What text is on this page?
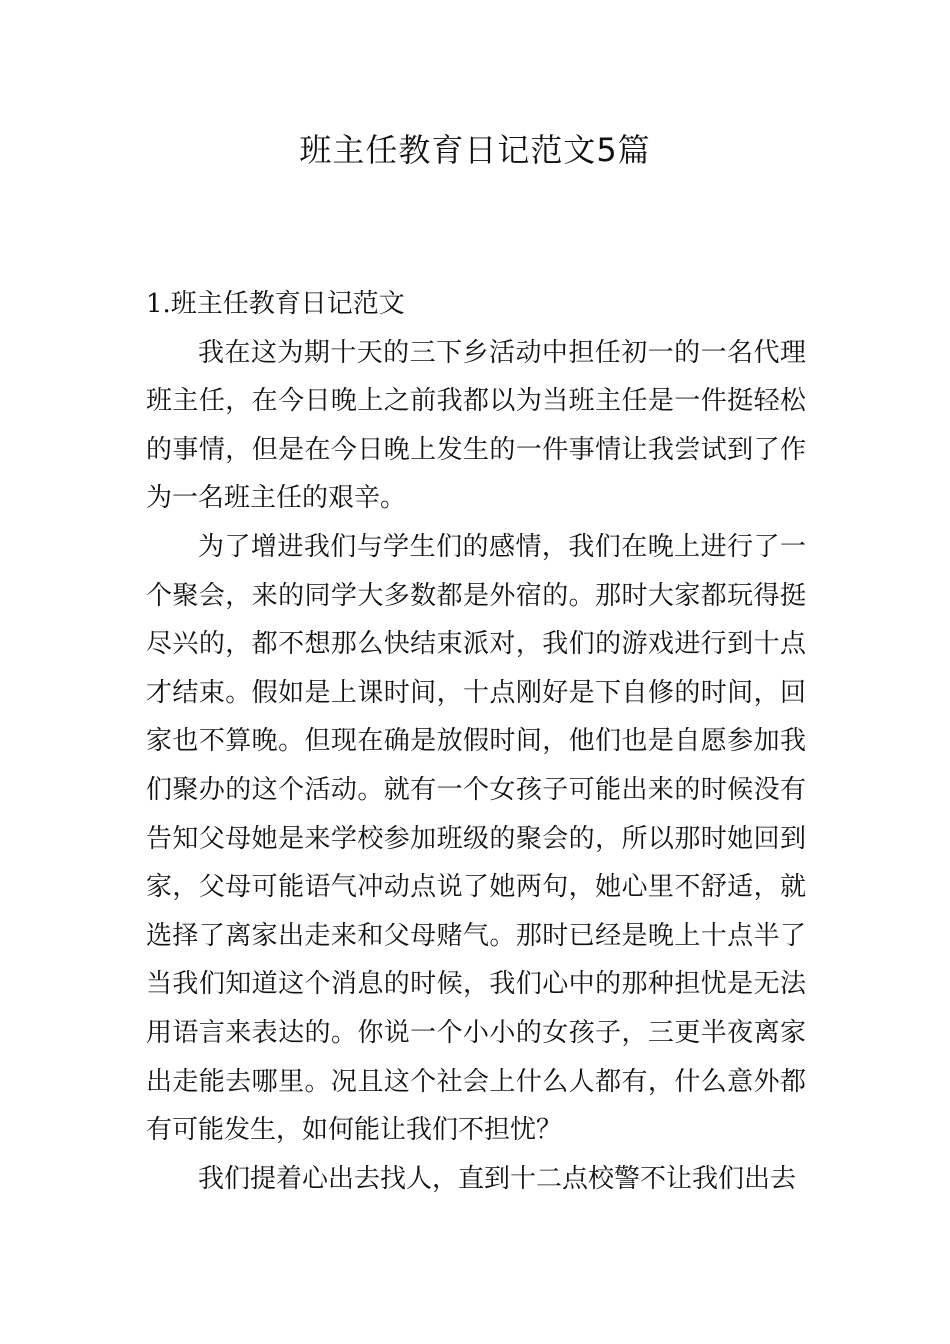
班主任教育日记范文5篇
1.班主任教育日记范文

我在这为期十天的三下乡活动中担任初一的一名代理班主任，在今日晚上之前我都以为当班主任是一件挺轻松的事情，但是在今日晚上发生的一件事情让我尝试到了作为一名班主任的艰辛。

为了增进我们与学生们的感情，我们在晚上进行了一个聚会，来的同学大多数都是外宿的。那时大家都玩得挺尽兴的，都不想那么快结束派对，我们的游戏进行到十点才结束。假如是上课时间，十点刚好是下自修的时间，回家也不算晚。但现在确是放假时间，他们也是自愿参加我们聚办的这个活动。就有一个女孩子可能出来的时候没有告知父母她是来学校参加班级的聚会的，所以那时她回到家，父母可能语气冲动点说了她两句，她心里不舒适，就选择了离家出走来和父母赌气。那时已经是晚上十点半了当我们知道这个消息的时候，我们心中的那种担忧是无法用语言来表达的。你说一个小小的女孩子，三更半夜离家出走能去哪里。况且这个社会上什么人都有，什么意外都有可能发生，如何能让我们不担忧？

我们提着心出去找人，直到十二点校警不让我们出去
